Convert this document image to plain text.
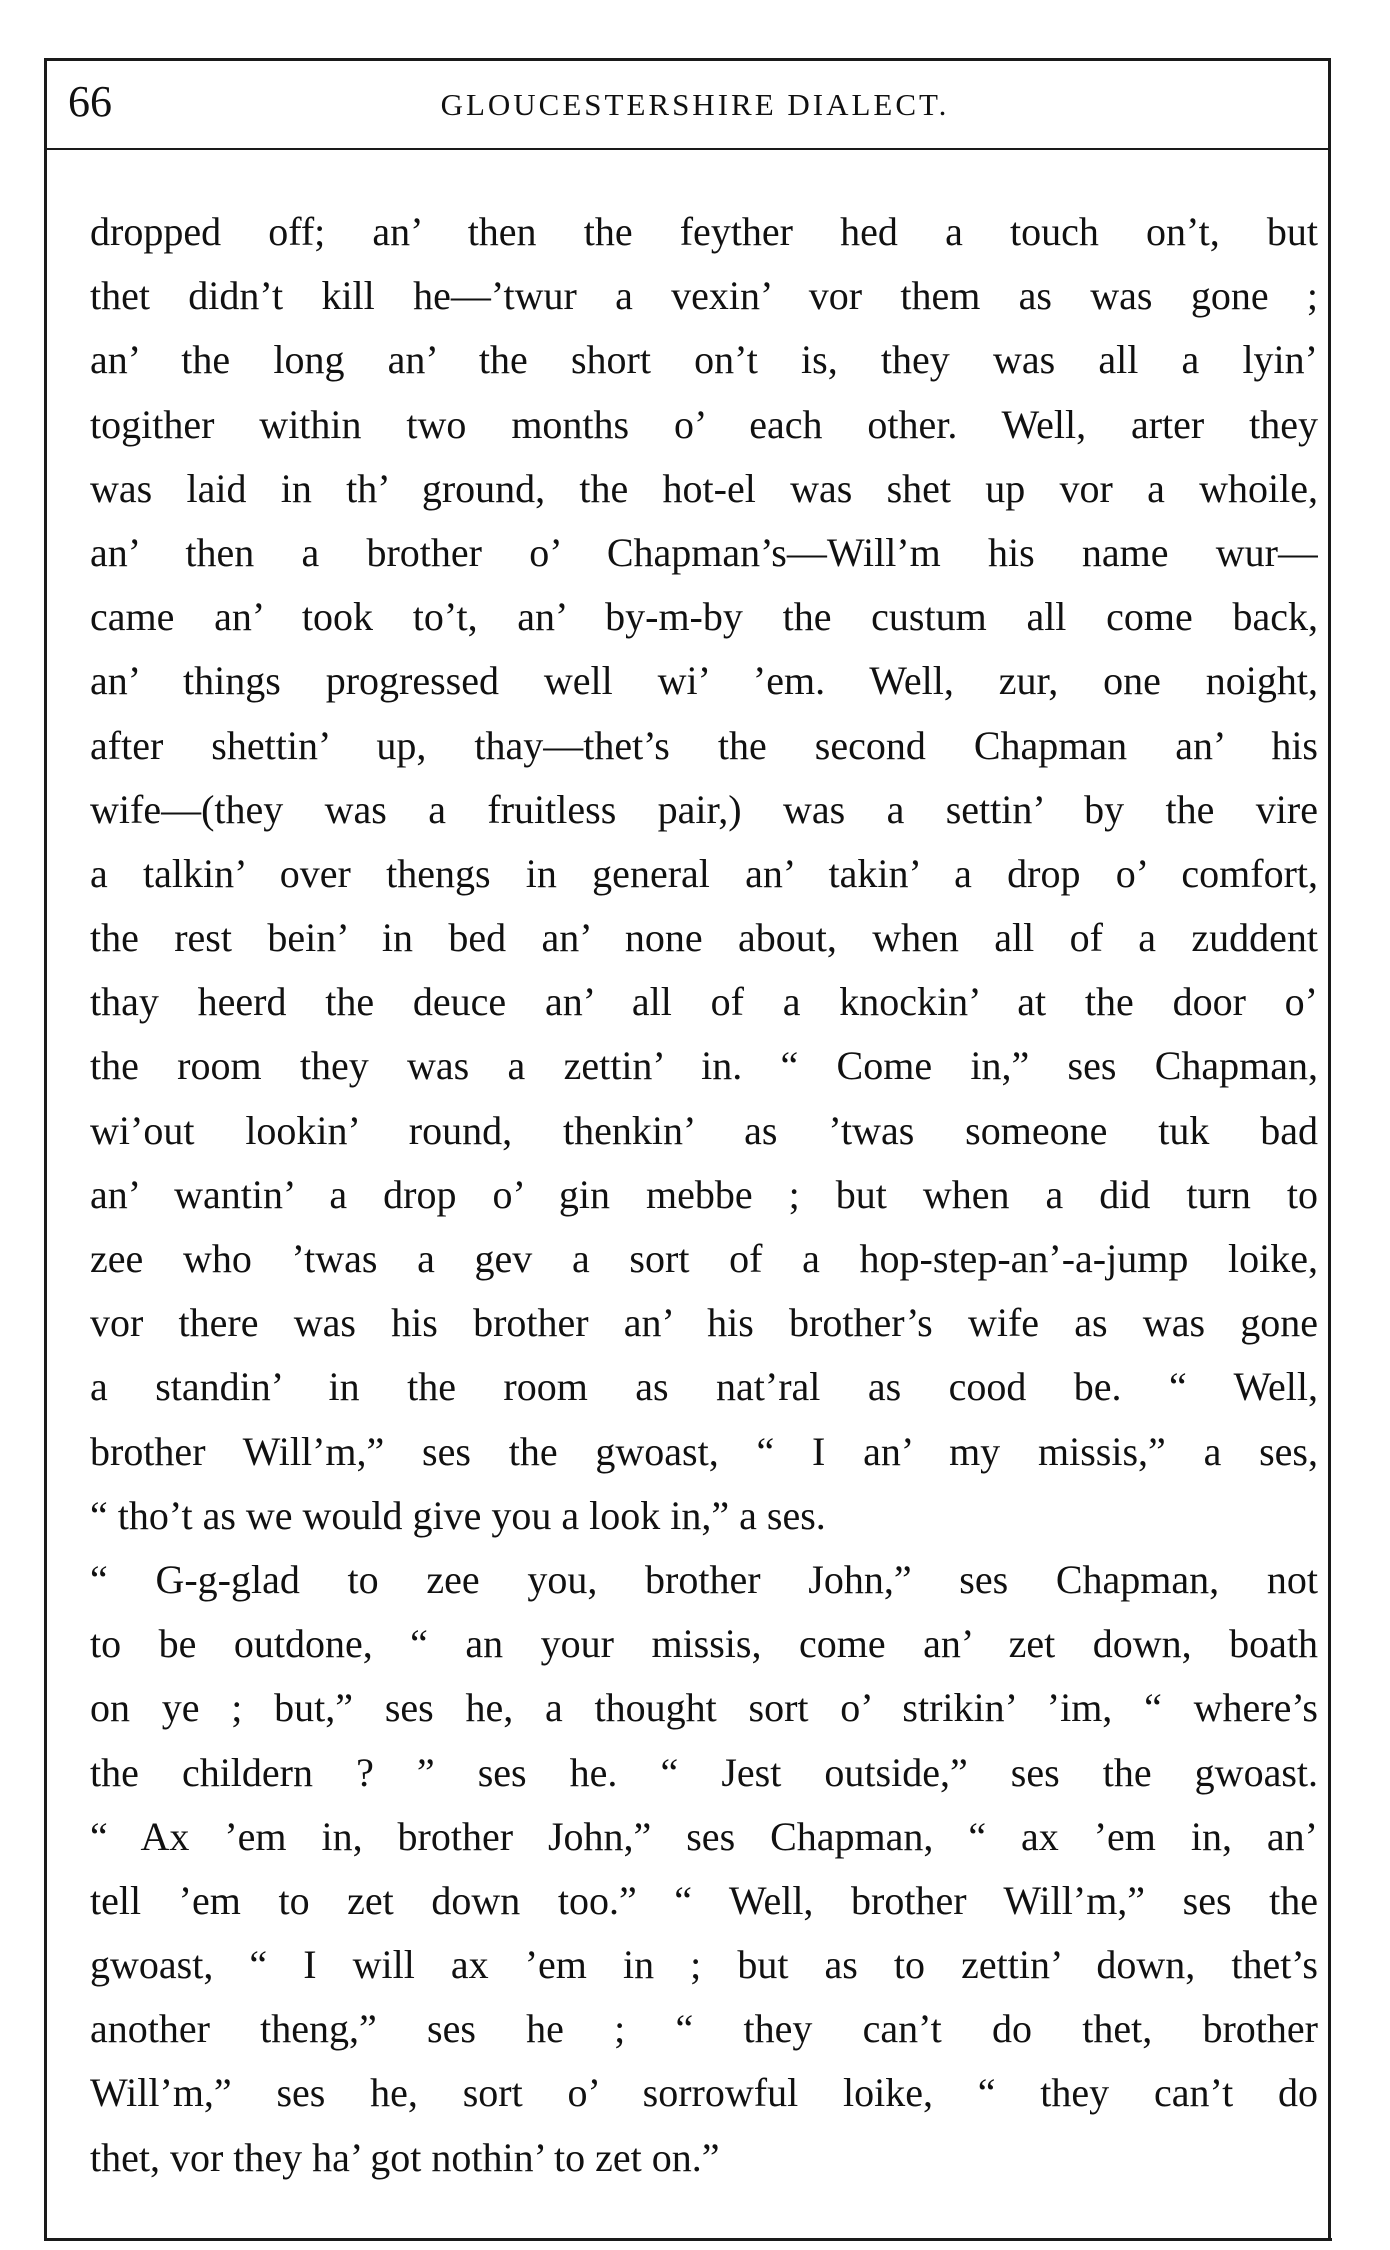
66	GLOUCESTERSHIRE DIALECT.
dropped off; an’ then the feyther hed a touch on’t, but
thet didn’t kill he—’twur a vexin’ vor them as was gone ;
an’ the long an’ the short on’t is, they was all a lyin’
togither within two months o’ each other. Well, arter they
was laid in th’ ground, the hot-el was shet up vor a whoile,
an’ then a brother o’ Chapman’s—Will’m his name wur—
came an’ took to’t, an’ by-m-by the custum all come back,
an’ things progressed well wi’ ’em. Well, zur, one noight,
after shettin’ up, thay—thet’s the second Chapman an’ his
wife—(they was a fruitless pair,) was a settin’ by the vire
a talkin’ over thengs in general an’ takin’ a drop o’ comfort,
the rest bein’ in bed an’ none about, when all of a zuddent
thay heerd the deuce an’ all of a knockin’ at the door o’
the room they was a zettin’ in. “ Come in,” ses Chapman,
wi’out lookin’ round, thenkin’ as ’twas someone tuk bad
an’ wantin’ a drop o’ gin mebbe ; but when a did turn to
zee who ’twas a gev a sort of a hop-step-an’-a-jump loike,
vor there was his brother an’ his brother’s wife as was gone
a standin’ in the room as nat’ral as cood be. “ Well,
brother Will’m,” ses the gwoast, “ I an’ my missis,” a ses,
“ tho’t as we would give you a look in,” a ses.
“ G-g-glad to zee you, brother John,” ses Chapman, not
to be outdone, “ an your missis, come an’ zet down, boath
on ye ; but,” ses he, a thought sort o’ strikin’ ’im, “ where’s
the childern ? ” ses he. “ Jest outside,” ses the gwoast.
“ Ax ’em in, brother John,” ses Chapman, “ ax ’em in, an’
tell ’em to zet down too.” “ Well, brother Will’m,” ses the
gwoast, “ I will ax ’em in ; but as to zettin’ down, thet’s
another theng,” ses he ; “ they can’t do thet, brother
Will’m,” ses he, sort o’ sorrowful loike, “ they can’t do
thet, vor they ha’ got nothin’ to zet on.”
